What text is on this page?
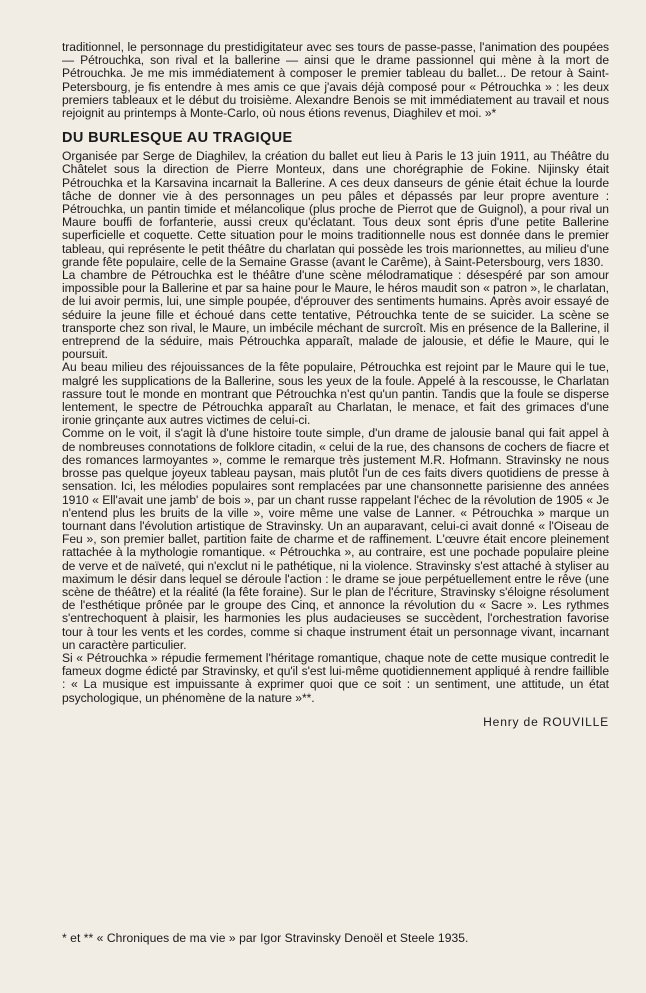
traditionnel, le personnage du prestidigitateur avec ses tours de passe-passe, l'animation des poupées — Pétrouchka, son rival et la ballerine — ainsi que le drame passionnel qui mène à la mort de Pétrouchka. Je me mis immédiatement à composer le premier tableau du ballet... De retour à Saint-Petersbourg, je fis entendre à mes amis ce que j'avais déjà composé pour « Pétrouchka » : les deux premiers tableaux et le début du troisième. Alexandre Benois se mit immédiatement au travail et nous rejoignit au printemps à Monte-Carlo, où nous étions revenus, Diaghilev et moi. »*

DU BURLESQUE AU TRAGIQUE

Organisée par Serge de Diaghilev, la création du ballet eut lieu à Paris le 13 juin 1911, au Théâtre du Châtelet sous la direction de Pierre Monteux, dans une chorégraphie de Fokine. Nijinsky était Pétrouchka et la Karsavina incarnait la Ballerine. A ces deux danseurs de génie était échue la lourde tâche de donner vie à des personnages un peu pâles et dépassés par leur propre aventure : Pétrouchka, un pantin timide et mélancolique (plus proche de Pierrot que de Guignol), a pour rival un Maure bouffi de forfanterie, aussi creux qu'éclatant. Tous deux sont épris d'une petite Ballerine superficielle et coquette. Cette situation pour le moins traditionnelle nous est donnée dans le premier tableau, qui représente le petit théâtre du charlatan qui possède les trois marionnettes, au milieu d'une grande fête populaire, celle de la Semaine Grasse (avant le Carême), à Saint-Petersbourg, vers 1830.

La chambre de Pétrouchka est le théâtre d'une scène mélodramatique : désespéré par son amour impossible pour la Ballerine et par sa haine pour le Maure, le héros maudit son « patron », le charlatan, de lui avoir permis, lui, une simple poupée, d'éprouver des sentiments humains. Après avoir essayé de séduire la jeune fille et échoué dans cette tentative, Pétrouchka tente de se suicider. La scène se transporte chez son rival, le Maure, un imbécile méchant de surcroît. Mis en présence de la Ballerine, il entreprend de la séduire, mais Pétrouchka apparaît, malade de jalousie, et défie le Maure, qui le poursuit.

Au beau milieu des réjouissances de la fête populaire, Pétrouchka est rejoint par le Maure qui le tue, malgré les supplications de la Ballerine, sous les yeux de la foule. Appelé à la rescousse, le Charlatan rassure tout le monde en montrant que Pétrouchka n'est qu'un pantin. Tandis que la foule se disperse lentement, le spectre de Pétrouchka apparaît au Charlatan, le menace, et fait des grimaces d'une ironie grinçante aux autres victimes de celui-ci.

Comme on le voit, il s'agit là d'une histoire toute simple, d'un drame de jalousie banal qui fait appel à de nombreuses connotations de folklore citadin, « celui de la rue, des chansons de cochers de fiacre et des romances larmoyantes », comme le remarque très justement M.R. Hofmann. Stravinsky ne nous brosse pas quelque joyeux tableau paysan, mais plutôt l'un de ces faits divers quotidiens de presse à sensation. Ici, les mélodies populaires sont remplacées par une chansonnette parisienne des années 1910 « Ell'avait une jamb' de bois », par un chant russe rappelant l'échec de la révolution de 1905 « Je n'entend plus les bruits de la ville », voire même une valse de Lanner. « Pétrouchka » marque un tournant dans l'évolution artistique de Stravinsky. Un an auparavant, celui-ci avait donné « l'Oiseau de Feu », son premier ballet, partition faite de charme et de raffinement. L'œuvre était encore pleinement rattachée à la mythologie romantique. « Pétrouchka », au contraire, est une pochade populaire pleine de verve et de naïveté, qui n'exclut ni le pathétique, ni la violence. Stravinsky s'est attaché à styliser au maximum le désir dans lequel se déroule l'action : le drame se joue perpétuellement entre le rêve (une scène de théâtre) et la réalité (la fête foraine). Sur le plan de l'écriture, Stravinsky s'éloigne résolument de l'esthétique prônée par le groupe des Cinq, et annonce la révolution du « Sacre ». Les rythmes s'entrechoquent à plaisir, les harmonies les plus audacieuses se succèdent, l'orchestration favorise tour à tour les vents et les cordes, comme si chaque instrument était un personnage vivant, incarnant un caractère particulier.

Si « Pétrouchka » répudie fermement l'héritage romantique, chaque note de cette musique contredit le fameux dogme édicté par Stravinsky, et qu'il s'est lui-même quotidiennement appliqué à rendre faillible : « La musique est impuissante à exprimer quoi que ce soit : un sentiment, une attitude, un état psychologique, un phénomène de la nature »**.

Henry de ROUVILLE
* et ** « Chroniques de ma vie » par Igor Stravinsky Denoël et Steele 1935.
